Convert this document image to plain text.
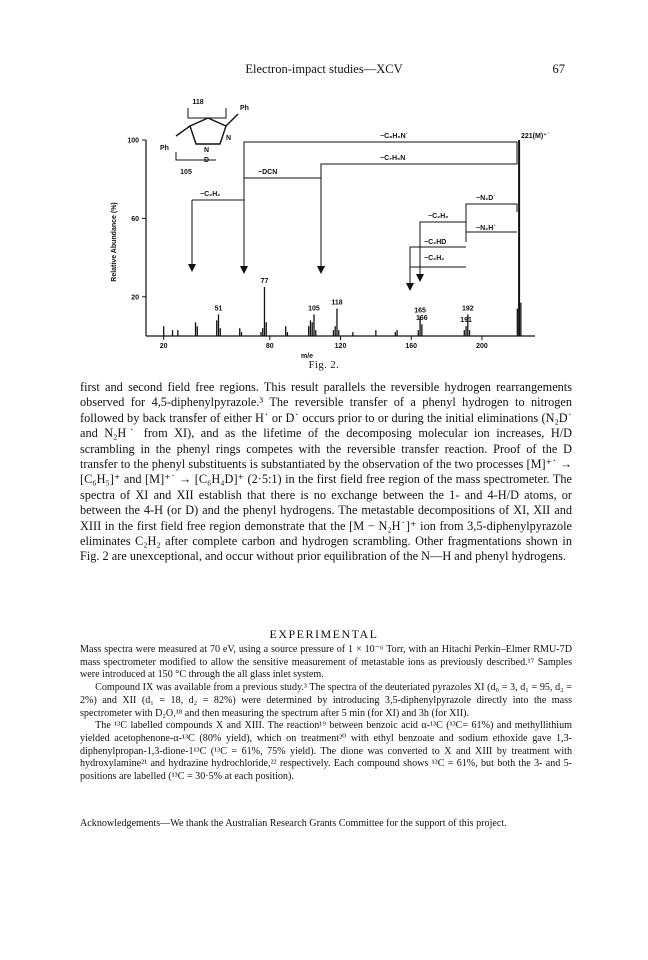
Electron-impact studies—XCV	67
20
60
100
20	80	120	160	200
Relative Abundance (%)
m/e
51
77
105
118
165
166	191
192
118
Ph
Ph
N
N
D
105
−C₈H₆N˙	221(M)⁺˙
−C₇H₅N
−DCN
−C₂H₂
−N₂D˙
−C₂H₂
−N₂H˙
−C₂HD
−C₂H₂
Fig. 2.

first and second field free regions. This result parallels the reversible hydrogen rearrangements observed for 4,5-diphenylpyrazole.³ The reversible transfer of a phenyl hydrogen to nitrogen followed by back transfer of either H˙ or D˙ occurs prior to or during the initial eliminations (N₂D˙ and N₂H˙ from XI), and as the lifetime of the decomposing molecular ion increases, H/D scrambling in the phenyl rings competes with the reversible transfer reaction. Proof of the D transfer to the phenyl substituents is substantiated by the observation of the two processes [M]⁺˙ → [C₆H₅]⁺ and [M]⁺˙ → [C₆H₄D]⁺ (2·5:1) in the first field free region of the mass spectrometer. The spectra of XI and XII establish that there is no exchange between the 1- and 4-H/D atoms, or between the 4-H (or D) and the phenyl hydrogens. The metastable decompositions of XI, XII and XIII in the first field free region demonstrate that the [M − N₂H˙]⁺ ion from 3,5-diphenylpyrazole eliminates C₂H₂ after complete carbon and hydrogen scrambling. Other fragmentations shown in Fig. 2 are unexceptional, and occur without prior equilibration of the N—H and phenyl hydrogens.

EXPERIMENTAL

Mass spectra were measured at 70 eV, using a source pressure of 1 × 10⁻⁶ Torr, with an Hitachi Perkin–Elmer RMU-7D mass spectrometer modified to allow the sensitive measurement of metastable ions as previously described.¹⁷ Samples were introduced at 150 °C through the all glass inlet system.

Compound IX was available from a previous study.³ The spectra of the deuteriated pyrazoles XI (d₀ = 3, d₁ = 95, d₂ = 2%) and XII (d₁ = 18, d₂ = 82%) were determined by introducing 3,5-diphenylpyrazole directly into the mass spectrometer with D₂O,¹⁸ and then measuring the spectrum after 5 min (for XI) and 3h (for XII).

The ¹³C labelled compounds X and XIII. The reaction¹⁹ between benzoic acid α-¹³C (¹³C= 61%) and methyllithium yielded acetophenone-α-¹³C (80% yield), which on treatment²⁰ with ethyl benzoate and sodium ethoxide gave 1,3-diphenylpropan-1,3-dione-1¹³C (¹³C = 61%, 75% yield). The dione was converted to X and XIII by treatment with hydroxylamine²¹ and hydrazine hydrochloride,²² respectively. Each compound shows ¹³C = 61%, but both the 3- and 5-positions are labelled (¹³C = 30·5% at each position).

Acknowledgements—We thank the Australian Research Grants Committee for the support of this project.
